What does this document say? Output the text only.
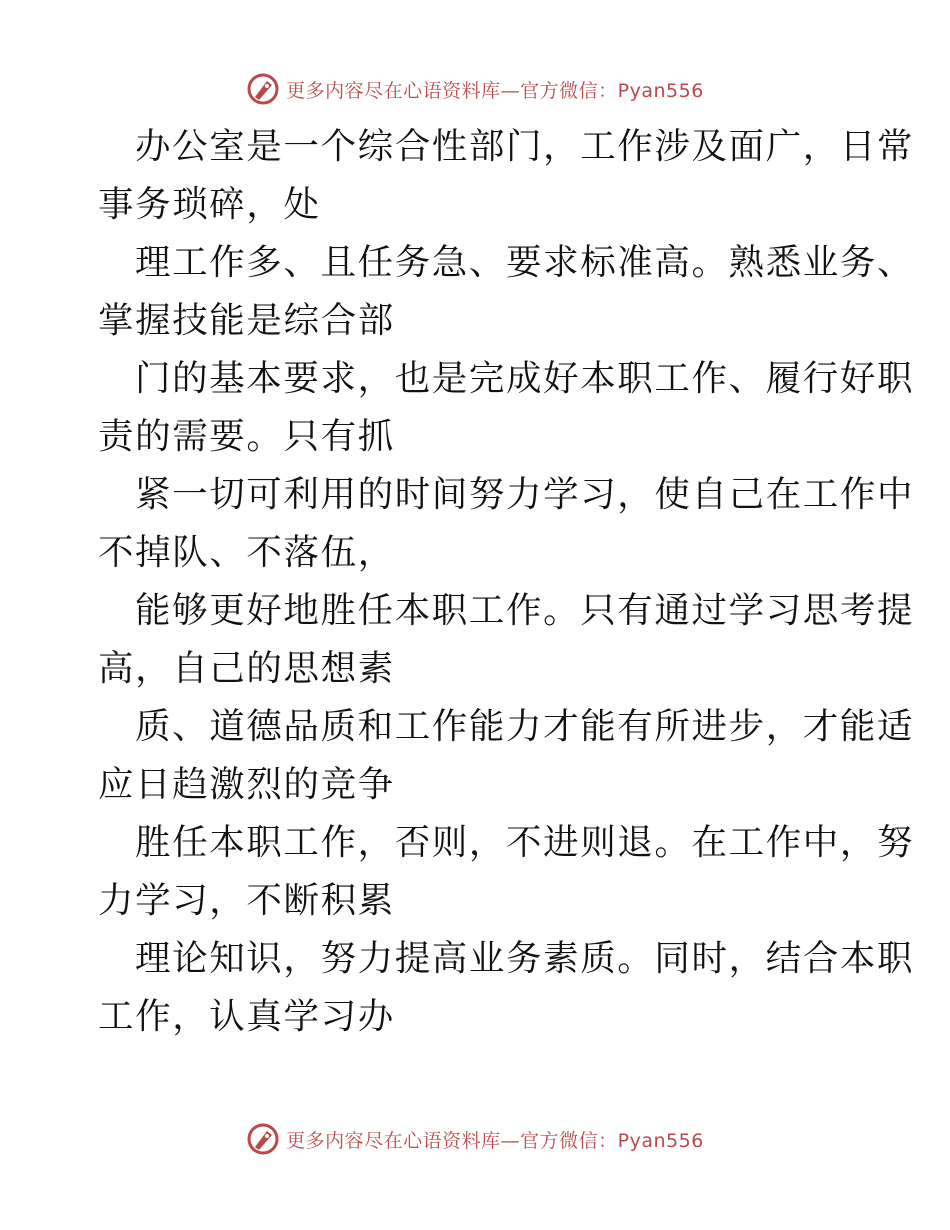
更多内容尽在心语资料库—官方微信：Pyan556

办公室是一个综合性部门，工作涉及面广，日常
事务琐碎，处

理工作多、且任务急、要求标准高。熟悉业务、
掌握技能是综合部

门的基本要求，也是完成好本职工作、履行好职
责的需要。只有抓

紧一切可利用的时间努力学习，使自己在工作中
不掉队、不落伍，

能够更好地胜任本职工作。只有通过学习思考提
高，自己的思想素

质、道德品质和工作能力才能有所进步，才能适
应日趋激烈的竞争

胜任本职工作，否则，不进则退。在工作中，努
力学习，不断积累

理论知识，努力提高业务素质。同时，结合本职
工作，认真学习办

更多内容尽在心语资料库—官方微信：Pyan556
